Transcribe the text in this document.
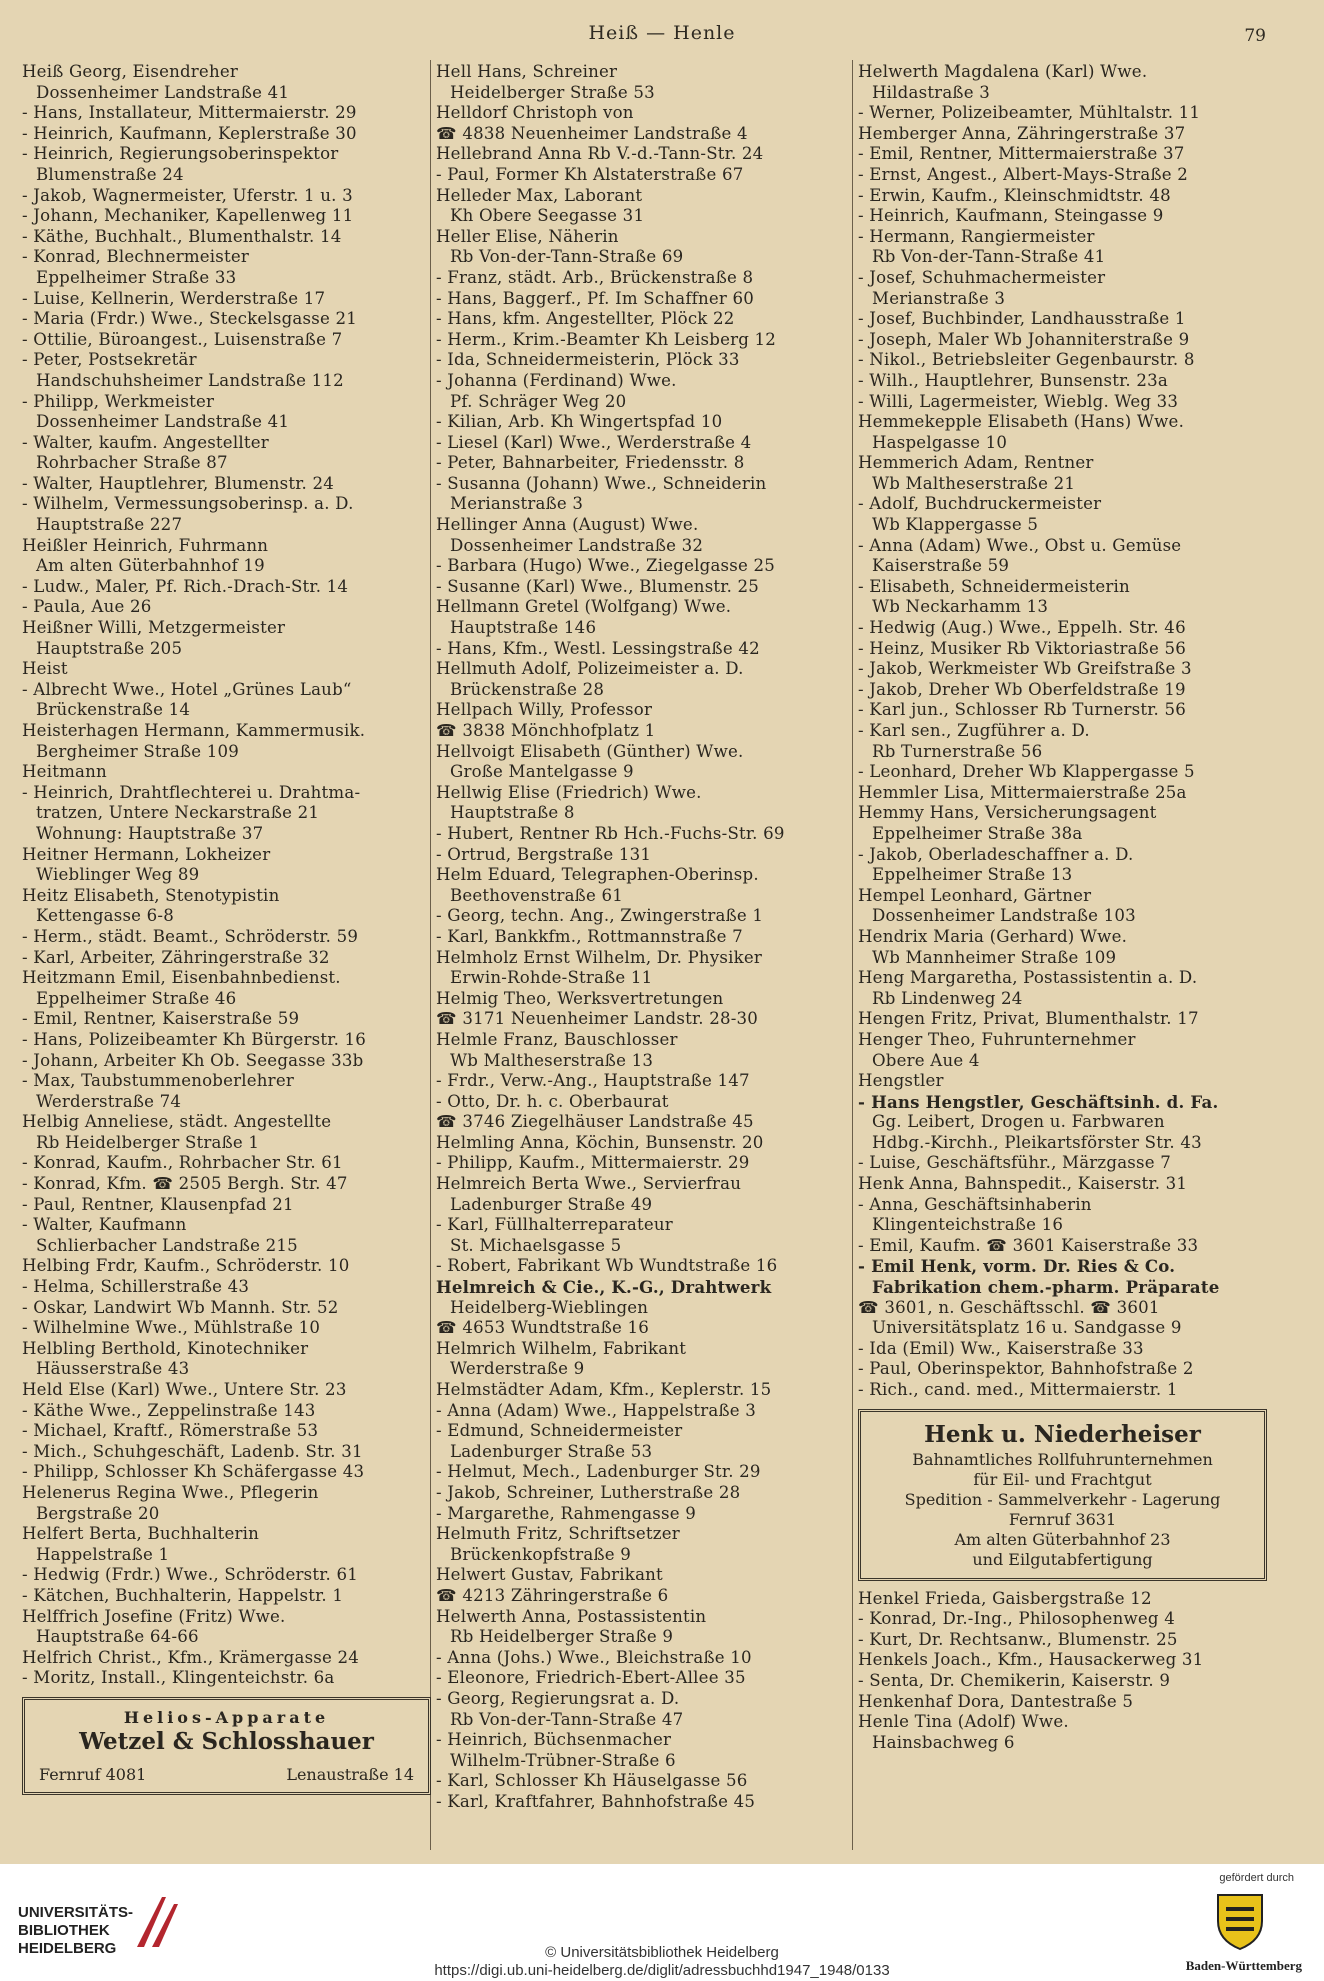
Heiß — Henle	79
Heiß Georg, Eisendreher
Dossenheimer Landstraße 41
- Hans, Installateur, Mittermaierstr. 29
- Heinrich, Kaufmann, Keplerstraße 30
- Heinrich, Regierungsoberinspektor
Blumenstraße 24
- Jakob, Wagnermeister, Uferstr. 1 u. 3
- Johann, Mechaniker, Kapellenweg 11
- Käthe, Buchhalt., Blumenthalstr. 14
- Konrad, Blechnermeister
Eppelheimer Straße 33
- Luise, Kellnerin, Werderstraße 17
- Maria (Frdr.) Wwe., Steckelsgasse 21
- Ottilie, Büroangest., Luisenstraße 7
- Peter, Postsekretär
Handschuhsheimer Landstraße 112
- Philipp, Werkmeister
Dossenheimer Landstraße 41
- Walter, kaufm. Angestellter
Rohrbacher Straße 87
- Walter, Hauptlehrer, Blumenstr. 24
- Wilhelm, Vermessungsoberinsp. a. D.
Hauptstraße 227
Heißler Heinrich, Fuhrmann
Am alten Güterbahnhof 19
- Ludw., Maler, Pf. Rich.-Drach-Str. 14
- Paula, Aue 26
Heißner Willi, Metzgermeister
Hauptstraße 205
Heist
- Albrecht Wwe., Hotel „Grünes Laub“
Brückenstraße 14
Heisterhagen Hermann, Kammermusik.
Bergheimer Straße 109
Heitmann
- Heinrich, Drahtflechterei u. Drahtma-
tratzen, Untere Neckarstraße 21
Wohnung: Hauptstraße 37
Heitner Hermann, Lokheizer
Wieblinger Weg 89
Heitz Elisabeth, Stenotypistin
Kettengasse 6-8
- Herm., städt. Beamt., Schröderstr. 59
- Karl, Arbeiter, Zähringerstraße 32
Heitzmann Emil, Eisenbahnbedienst.
Eppelheimer Straße 46
- Emil, Rentner, Kaiserstraße 59
- Hans, Polizeibeamter Kh Bürgerstr. 16
- Johann, Arbeiter Kh Ob. Seegasse 33b
- Max, Taubstummenoberlehrer
Werderstraße 74
Helbig Anneliese, städt. Angestellte
Rb Heidelberger Straße 1
- Konrad, Kaufm., Rohrbacher Str. 61
- Konrad, Kfm. ☎ 2505 Bergh. Str. 47
- Paul, Rentner, Klausenpfad 21
- Walter, Kaufmann
Schlierbacher Landstraße 215
Helbing Frdr, Kaufm., Schröderstr. 10
- Helma, Schillerstraße 43
- Oskar, Landwirt Wb Mannh. Str. 52
- Wilhelmine Wwe., Mühlstraße 10
Helbling Berthold, Kinotechniker
Häusserstraße 43
Held Else (Karl) Wwe., Untere Str. 23
- Käthe Wwe., Zeppelinstraße 143
- Michael, Kraftf., Römerstraße 53
- Mich., Schuhgeschäft, Ladenb. Str. 31
- Philipp, Schlosser Kh Schäfergasse 43
Helenerus Regina Wwe., Pflegerin
Bergstraße 20
Helfert Berta, Buchhalterin
Happelstraße 1
- Hedwig (Frdr.) Wwe., Schröderstr. 61
- Kätchen, Buchhalterin, Happelstr. 1
Helffrich Josefine (Fritz) Wwe.
Hauptstraße 64-66
Helfrich Christ., Kfm., Krämergasse 24
- Moritz, Install., Klingenteichstr. 6a
Helios-Apparate
Wetzel & Schlosshauer
Fernruf 4081	Lenaustraße 14
Hell Hans, Schreiner
Heidelberger Straße 53
Helldorf Christoph von
☎ 4838 Neuenheimer Landstraße 4
Hellebrand Anna Rb V.-d.-Tann-Str. 24
- Paul, Former Kh Alstaterstraße 67
Helleder Max, Laborant
Kh Obere Seegasse 31
Heller Elise, Näherin
Rb Von-der-Tann-Straße 69
- Franz, städt. Arb., Brückenstraße 8
- Hans, Baggerf., Pf. Im Schaffner 60
- Hans, kfm. Angestellter, Plöck 22
- Herm., Krim.-Beamter Kh Leisberg 12
- Ida, Schneidermeisterin, Plöck 33
- Johanna (Ferdinand) Wwe.
Pf. Schräger Weg 20
- Kilian, Arb. Kh Wingertspfad 10
- Liesel (Karl) Wwe., Werderstraße 4
- Peter, Bahnarbeiter, Friedensstr. 8
- Susanna (Johann) Wwe., Schneiderin
Merianstraße 3
Hellinger Anna (August) Wwe.
Dossenheimer Landstraße 32
- Barbara (Hugo) Wwe., Ziegelgasse 25
- Susanne (Karl) Wwe., Blumenstr. 25
Hellmann Gretel (Wolfgang) Wwe.
Hauptstraße 146
- Hans, Kfm., Westl. Lessingstraße 42
Hellmuth Adolf, Polizeimeister a. D.
Brückenstraße 28
Hellpach Willy, Professor
☎ 3838 Mönchhofplatz 1
Hellvoigt Elisabeth (Günther) Wwe.
Große Mantelgasse 9
Hellwig Elise (Friedrich) Wwe.
Hauptstraße 8
- Hubert, Rentner Rb Hch.-Fuchs-Str. 69
- Ortrud, Bergstraße 131
Helm Eduard, Telegraphen-Oberinsp.
Beethovenstraße 61
- Georg, techn. Ang., Zwingerstraße 1
- Karl, Bankkfm., Rottmannstraße 7
Helmholz Ernst Wilhelm, Dr. Physiker
Erwin-Rohde-Straße 11
Helmig Theo, Werksvertretungen
☎ 3171 Neuenheimer Landstr. 28-30
Helmle Franz, Bauschlosser
Wb Maltheserstraße 13
- Frdr., Verw.-Ang., Hauptstraße 147
- Otto, Dr. h. c. Oberbaurat
☎ 3746 Ziegelhäuser Landstraße 45
Helmling Anna, Köchin, Bunsenstr. 20
- Philipp, Kaufm., Mittermaierstr. 29
Helmreich Berta Wwe., Servierfrau
Ladenburger Straße 49
- Karl, Füllhalterreparateur
St. Michaelsgasse 5
- Robert, Fabrikant Wb Wundtstraße 16
Helmreich & Cie., K.-G., Drahtwerk
Heidelberg-Wieblingen
☎ 4653 Wundtstraße 16
Helmrich Wilhelm, Fabrikant
Werderstraße 9
Helmstädter Adam, Kfm., Keplerstr. 15
- Anna (Adam) Wwe., Happelstraße 3
- Edmund, Schneidermeister
Ladenburger Straße 53
- Helmut, Mech., Ladenburger Str. 29
- Jakob, Schreiner, Lutherstraße 28
- Margarethe, Rahmengasse 9
Helmuth Fritz, Schriftsetzer
Brückenkopfstraße 9
Helwert Gustav, Fabrikant
☎ 4213 Zähringerstraße 6
Helwerth Anna, Postassistentin
Rb Heidelberger Straße 9
- Anna (Johs.) Wwe., Bleichstraße 10
- Eleonore, Friedrich-Ebert-Allee 35
- Georg, Regierungsrat a. D.
Rb Von-der-Tann-Straße 47
- Heinrich, Büchsenmacher
Wilhelm-Trübner-Straße 6
- Karl, Schlosser Kh Häuselgasse 56
- Karl, Kraftfahrer, Bahnhofstraße 45
Helwerth Magdalena (Karl) Wwe.
Hildastraße 3
- Werner, Polizeibeamter, Mühltalstr. 11
Hemberger Anna, Zähringerstraße 37
- Emil, Rentner, Mittermaierstraße 37
- Ernst, Angest., Albert-Mays-Straße 2
- Erwin, Kaufm., Kleinschmidtstr. 48
- Heinrich, Kaufmann, Steingasse 9
- Hermann, Rangiermeister
Rb Von-der-Tann-Straße 41
- Josef, Schuhmachermeister
Merianstraße 3
- Josef, Buchbinder, Landhausstraße 1
- Joseph, Maler Wb Johanniterstraße 9
- Nikol., Betriebsleiter Gegenbaurstr. 8
- Wilh., Hauptlehrer, Bunsenstr. 23a
- Willi, Lagermeister, Wieblg. Weg 33
Hemmekepple Elisabeth (Hans) Wwe.
Haspelgasse 10
Hemmerich Adam, Rentner
Wb Maltheserstraße 21
- Adolf, Buchdruckermeister
Wb Klappergasse 5
- Anna (Adam) Wwe., Obst u. Gemüse
Kaiserstraße 59
- Elisabeth, Schneidermeisterin
Wb Neckarhamm 13
- Hedwig (Aug.) Wwe., Eppelh. Str. 46
- Heinz, Musiker Rb Viktoriastraße 56
- Jakob, Werkmeister Wb Greifstraße 3
- Jakob, Dreher Wb Oberfeldstraße 19
- Karl jun., Schlosser Rb Turnerstr. 56
- Karl sen., Zugführer a. D.
Rb Turnerstraße 56
- Leonhard, Dreher Wb Klappergasse 5
Hemmler Lisa, Mittermaierstraße 25a
Hemmy Hans, Versicherungsagent
Eppelheimer Straße 38a
- Jakob, Oberladeschaffner a. D.
Eppelheimer Straße 13
Hempel Leonhard, Gärtner
Dossenheimer Landstraße 103
Hendrix Maria (Gerhard) Wwe.
Wb Mannheimer Straße 109
Heng Margaretha, Postassistentin a. D.
Rb Lindenweg 24
Hengen Fritz, Privat, Blumenthalstr. 17
Henger Theo, Fuhrunternehmer
Obere Aue 4
Hengstler
- Hans Hengstler, Geschäftsinh. d. Fa.
Gg. Leibert, Drogen u. Farbwaren
Hdbg.-Kirchh., Pleikartsförster Str. 43
- Luise, Geschäftsführ., Märzgasse 7
Henk Anna, Bahnspedit., Kaiserstr. 31
- Anna, Geschäftsinhaberin
Klingenteichstraße 16
- Emil, Kaufm. ☎ 3601 Kaiserstraße 33
- Emil Henk, vorm. Dr. Ries & Co.
Fabrikation chem.-pharm. Präparate
☎ 3601, n. Geschäftsschl. ☎ 3601
Universitätsplatz 16 u. Sandgasse 9
- Ida (Emil) Ww., Kaiserstraße 33
- Paul, Oberinspektor, Bahnhofstraße 2
- Rich., cand. med., Mittermaierstr. 1
Henk u. Niederheiser
Bahnamtliches Rollfuhrunternehmen
für Eil- und Frachtgut
Spedition - Sammelverkehr - Lagerung
Fernruf 3631
Am alten Güterbahnhof 23
und Eilgutabfertigung
Henkel Frieda, Gaisbergstraße 12
- Konrad, Dr.-Ing., Philosophenweg 4
- Kurt, Dr. Rechtsanw., Blumenstr. 25
Henkels Joach., Kfm., Hausackerweg 31
- Senta, Dr. Chemikerin, Kaiserstr. 9
Henkenhaf Dora, Dantestraße 5
Henle Tina (Adolf) Wwe.
Hainsbachweg 6
UNIVERSITÄTS-
BIBLIOTHEK
HEIDELBERG	© Universitätsbibliothek Heidelberg
https://digi.ub.uni-heidelberg.de/diglit/adressbuchhd1947_1948/0133
gefördert durch
Baden-Württemberg
